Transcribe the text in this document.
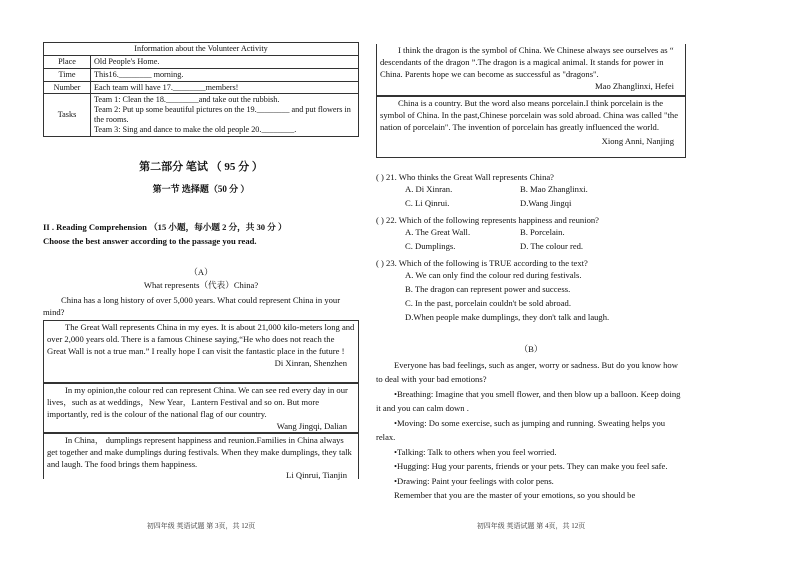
Information about the Volunteer Activity	
Place	Old People's Home.
Time	This16.________ morning.
Number	Each team will have 17.________members!
Tasks	Team 1: Clean the 18.________and take out the rubbish.
Team 2: Put up some beautiful pictures on the 19.________ and put flowers in the rooms.
Team 3: Sing and dance to make the old people 20.________.
第二部分 笔试 （ 95 分 ）
第一节 选择题（50 分 ）
II . Reading Comprehension （15 小题，每小题 2 分，共 30 分 ）
Choose the best answer according to the passage you read.
（A）
What represents（代表）China?
China has a long history of over 5,000 years. What could represent China in your mind?

The Great Wall represents China in my eyes. It is about 21,000 kilo-meters long and over 2,000 years old. There is a famous Chinese saying,“He who does not reach the Great Wall is not a true man.” I really hope I can visit the fantastic place in the future !

Di Xinran, Shenzhen

In my opinion,the colour red can represent China. We can see red every day in our lives，such as at weddings，New Year，Lantern Festival and so on. But more importantly, red is the colour of the national flag of our country.

Wang Jingqi, Dalian

In China， dumplings represent happiness and reunion.Families in China always get together and make dumplings during festivals. When they make dumplings, they talk and laugh. The food brings them happiness.

Li Qinrui, Tianjin

I think the dragon is the symbol of China. We Chinese always see ourselves as “ descendants of the dragon ”.The dragon is a magical animal. It stands for power in China. Parents hope we can become as successful as "dragons".

Mao Zhanglinxi, Hefei

China is a country. But the word also means porcelain.I think porcelain is the symbol of China. In the past,Chinese porcelain was sold abroad. China was called "the nation of porcelain". The invention of porcelain has greatly influenced the world.

Xiong Anni, Nanjing

( ) 21. Who thinks the Great Wall represents China?
A. Di Xinran.	B. Mao Zhanglinxi.
C. Li Qinrui.	D.Wang Jingqi
( ) 22. Which of the following represents happiness and reunion?
A. The Great Wall.	B. Porcelain.
C. Dumplings.	D. The colour red.
( ) 23. Which of the following is TRUE according to the text?
A. We can only find the colour red during festivals.
B. The dragon can represent power and success.
C. In the past, porcelain couldn't be sold abroad.
D.When people make dumplings, they don't talk and laugh.
（B）

Everyone has bad feelings, such as anger, worry or sadness. But do you know how to deal with your bad emotions?

•Breathing: Imagine that you smell flower, and then blow up a balloon. Keep doing it and you can calm down .

•Moving: Do some exercise, such as jumping and running. Sweating helps you relax.

•Talking: Talk to others when you feel worried.

•Hugging: Hug your parents, friends or your pets. They can make you feel safe.

•Drawing: Paint your feelings with color pens.

Remember that you are the master of your emotions, so you should be

初四年级 英语试题 第 3页，共 12页	初四年级 英语试题 第 4页，共 12页
